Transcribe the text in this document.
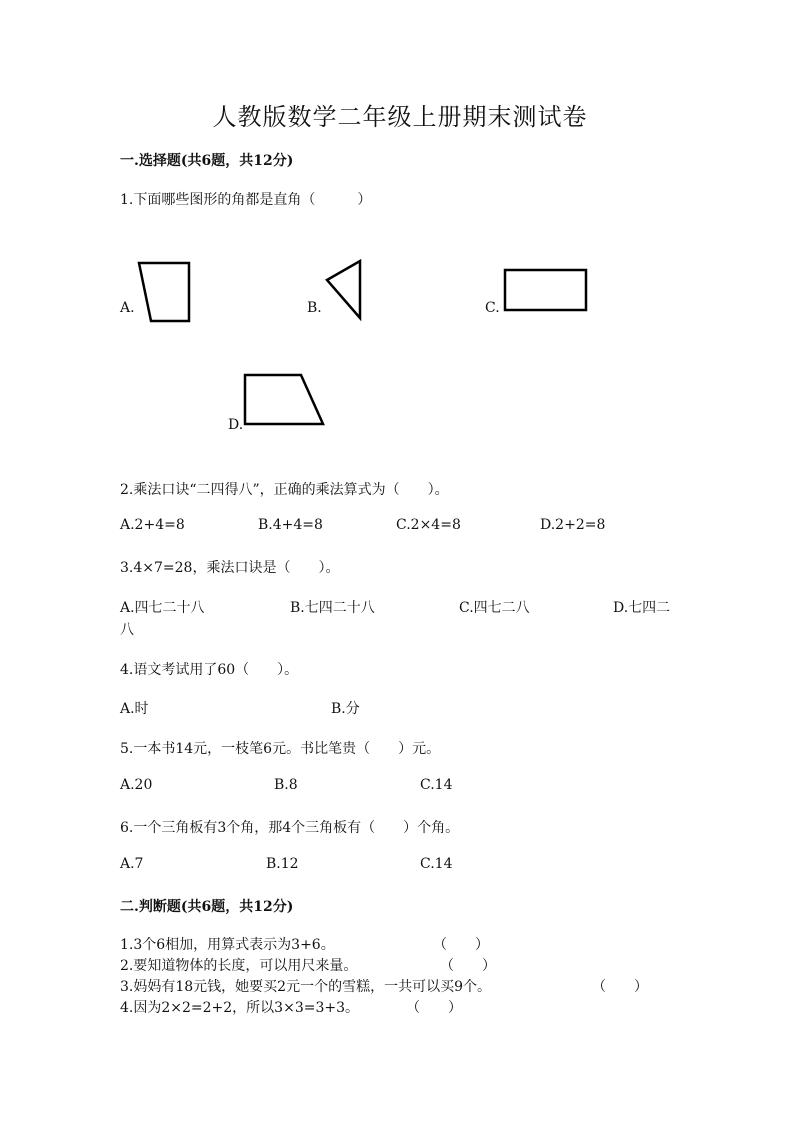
人教版数学二年级上册期末测试卷
一.选择题(共6题，共12分)
1.下面哪些图形的角都是直角（　　　）
A.	B.	C.
D.
2.乘法口诀“二四得八”，正确的乘法算式为（　　）。
A.2+4=8	B.4+4=8	C.2×4=8	D.2+2=8
3.4×7=28，乘法口诀是（　　）。
A.四七二十八	B.七四二十八	C.四七二八	D.七四二
八
4.语文考试用了60（　　）。
A.时	B.分
5.一本书14元，一枝笔6元。书比笔贵（　　）元。
A.20	B.8	C.14
6.一个三角板有3个角，那4个三角板有（　　）个角。
A.7	B.12	C.14
二.判断题(共6题，共12分)
1.3个6相加，用算式表示为3+6。	（　　）
2.要知道物体的长度，可以用尺来量。	（　　）
3.妈妈有18元钱，她要买2元一个的雪糕，一共可以买9个。	（　　）
4.因为2×2=2+2，所以3×3=3+3。	（　　）
